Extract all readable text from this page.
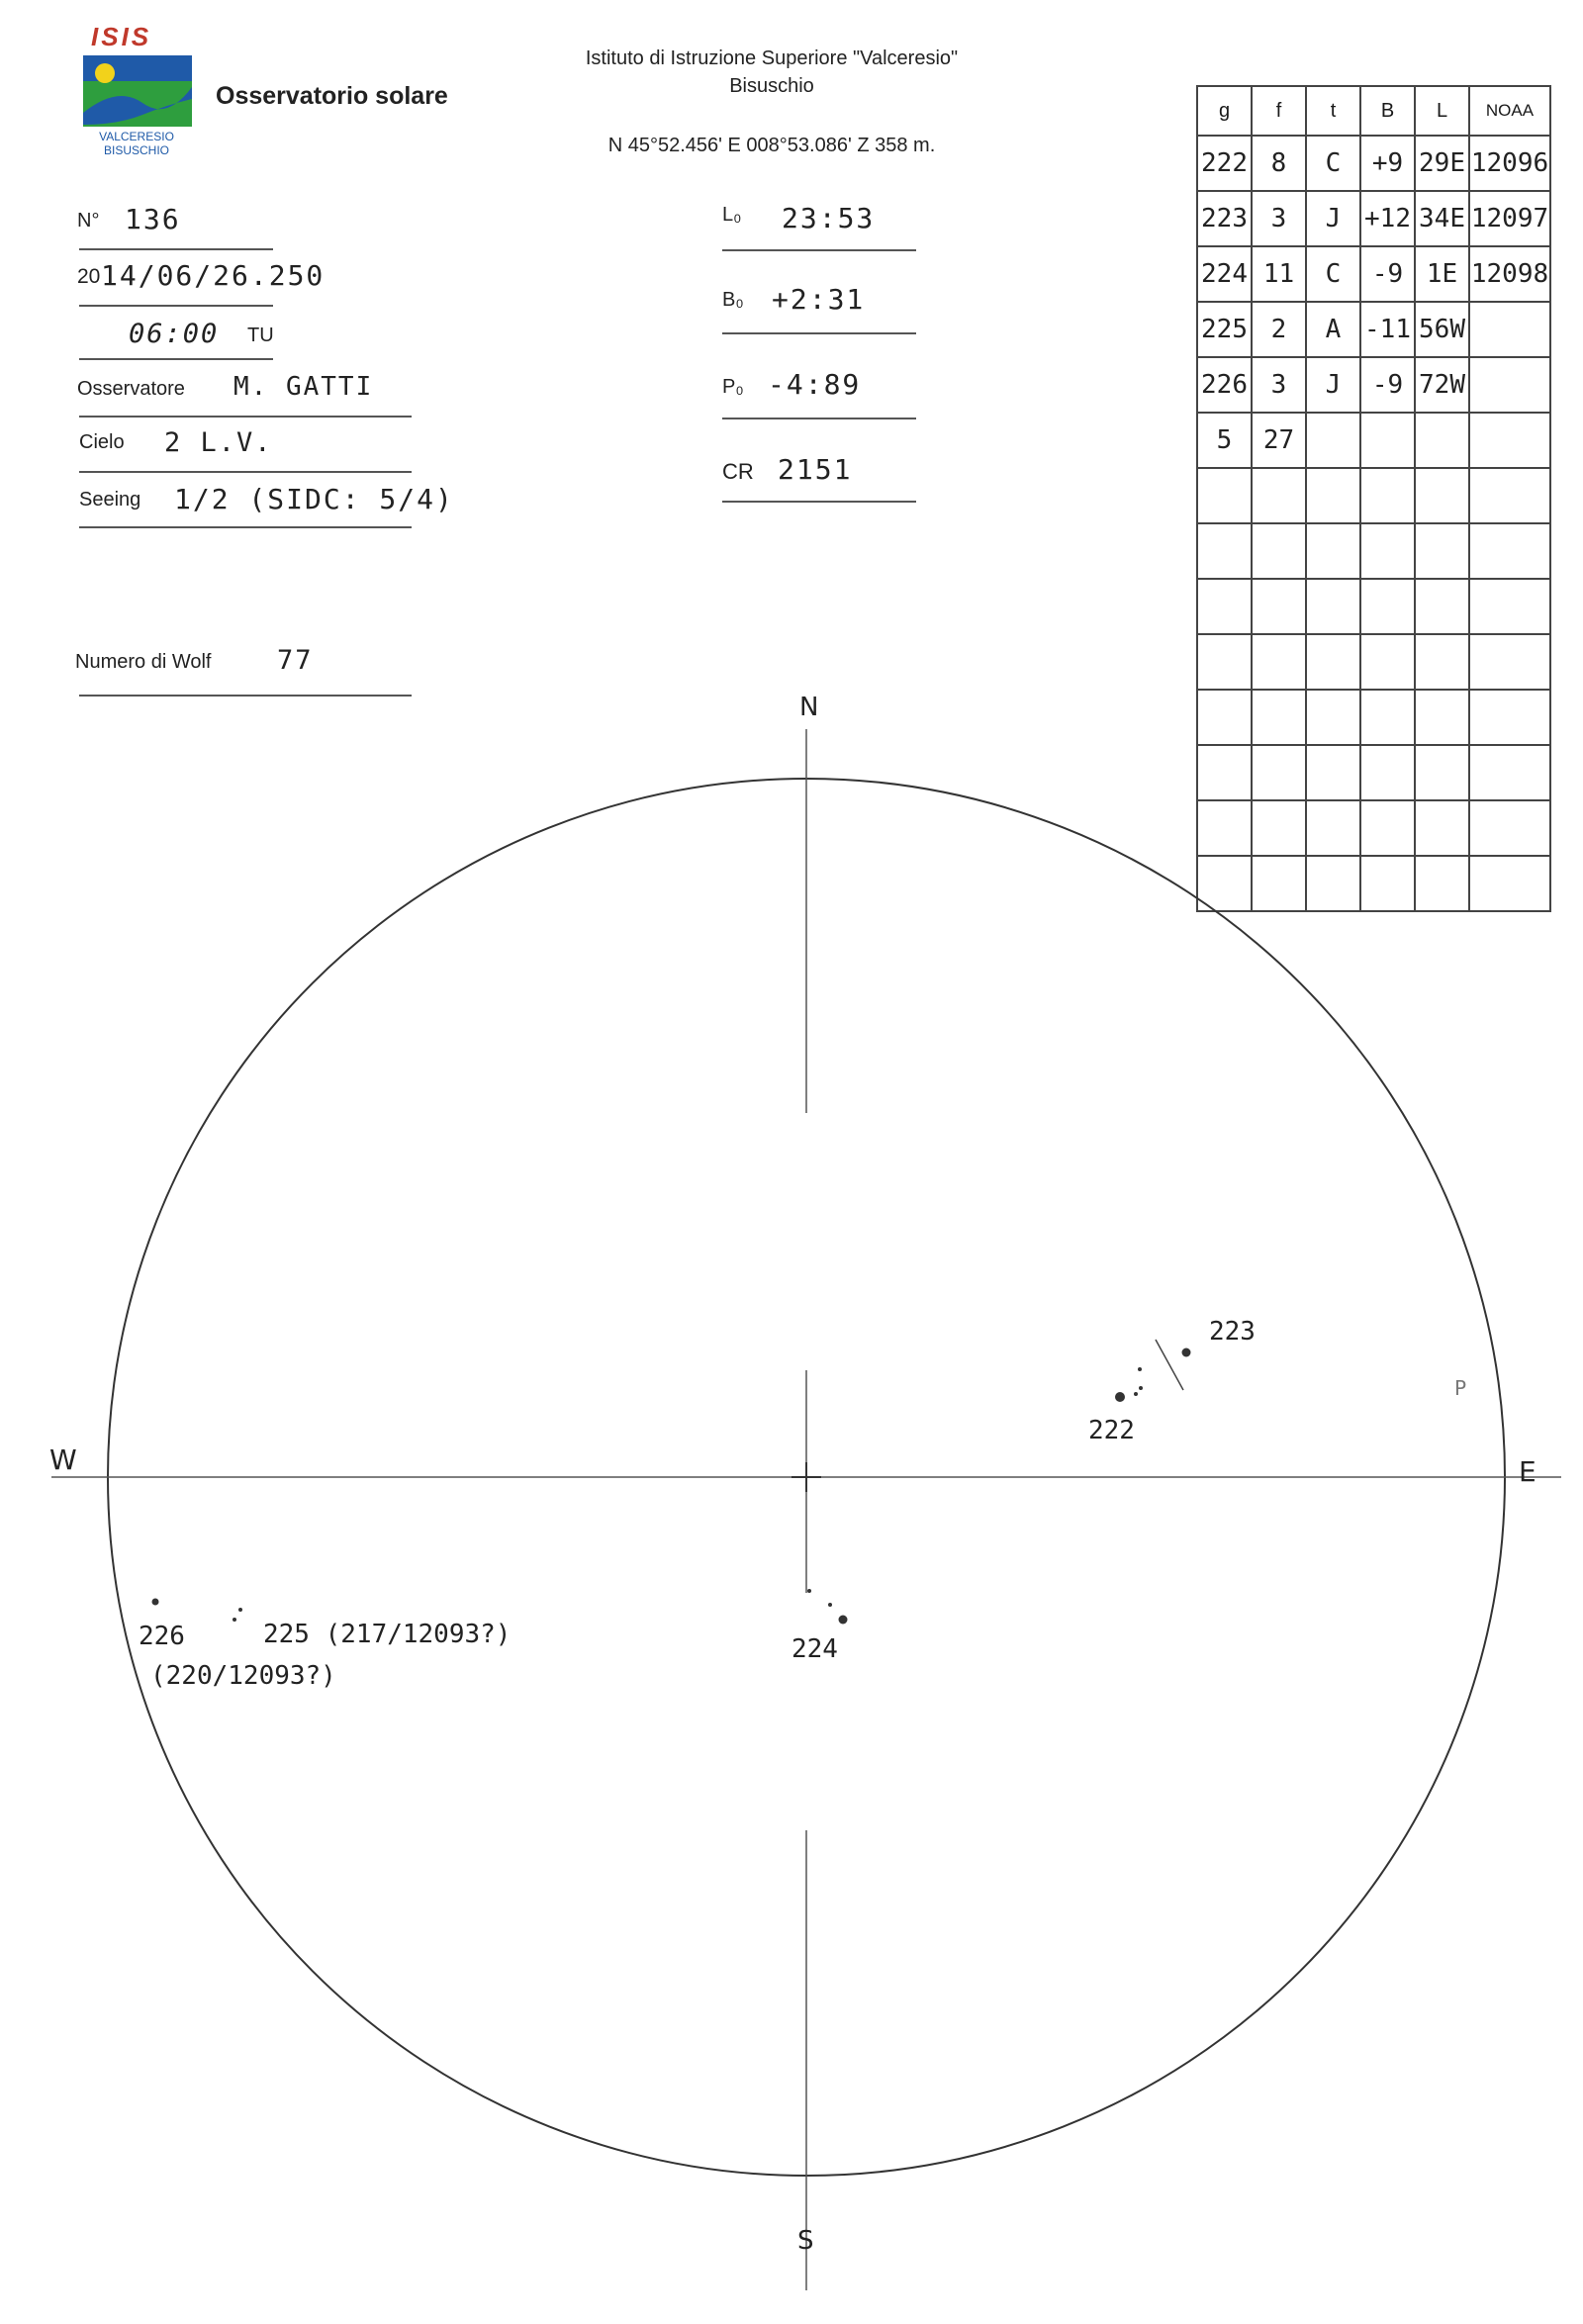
ISIS
VALCERESIO
BISUSCHIO
Osservatorio solare
Istituto di Istruzione Superiore "Valceresio"
Bisuschio
N 45°52.456' E 008°53.086' Z 358 m.
N° 136
20 14/06/26.250
06:00 TU
Osservatore M. GATTI
Cielo 2 L.V.
Seeing 1/2 (SIDC: 5/4)
Numero di Wolf 77
L₀ 23:53
B₀ +2:31
P₀ -4:89
CR 2151
g	f	t	B	L	NOAA
222	8	C	+9	29E	12096
223	3	J	+12	34E	12097
224	11	C	-9	1E	12098
225	2	A	-11	56W	
226	3	J	-9	72W	
5	27				

N
S
W	E
P
223
222
224
225 (217/12093?)
226
(220/12093?)
